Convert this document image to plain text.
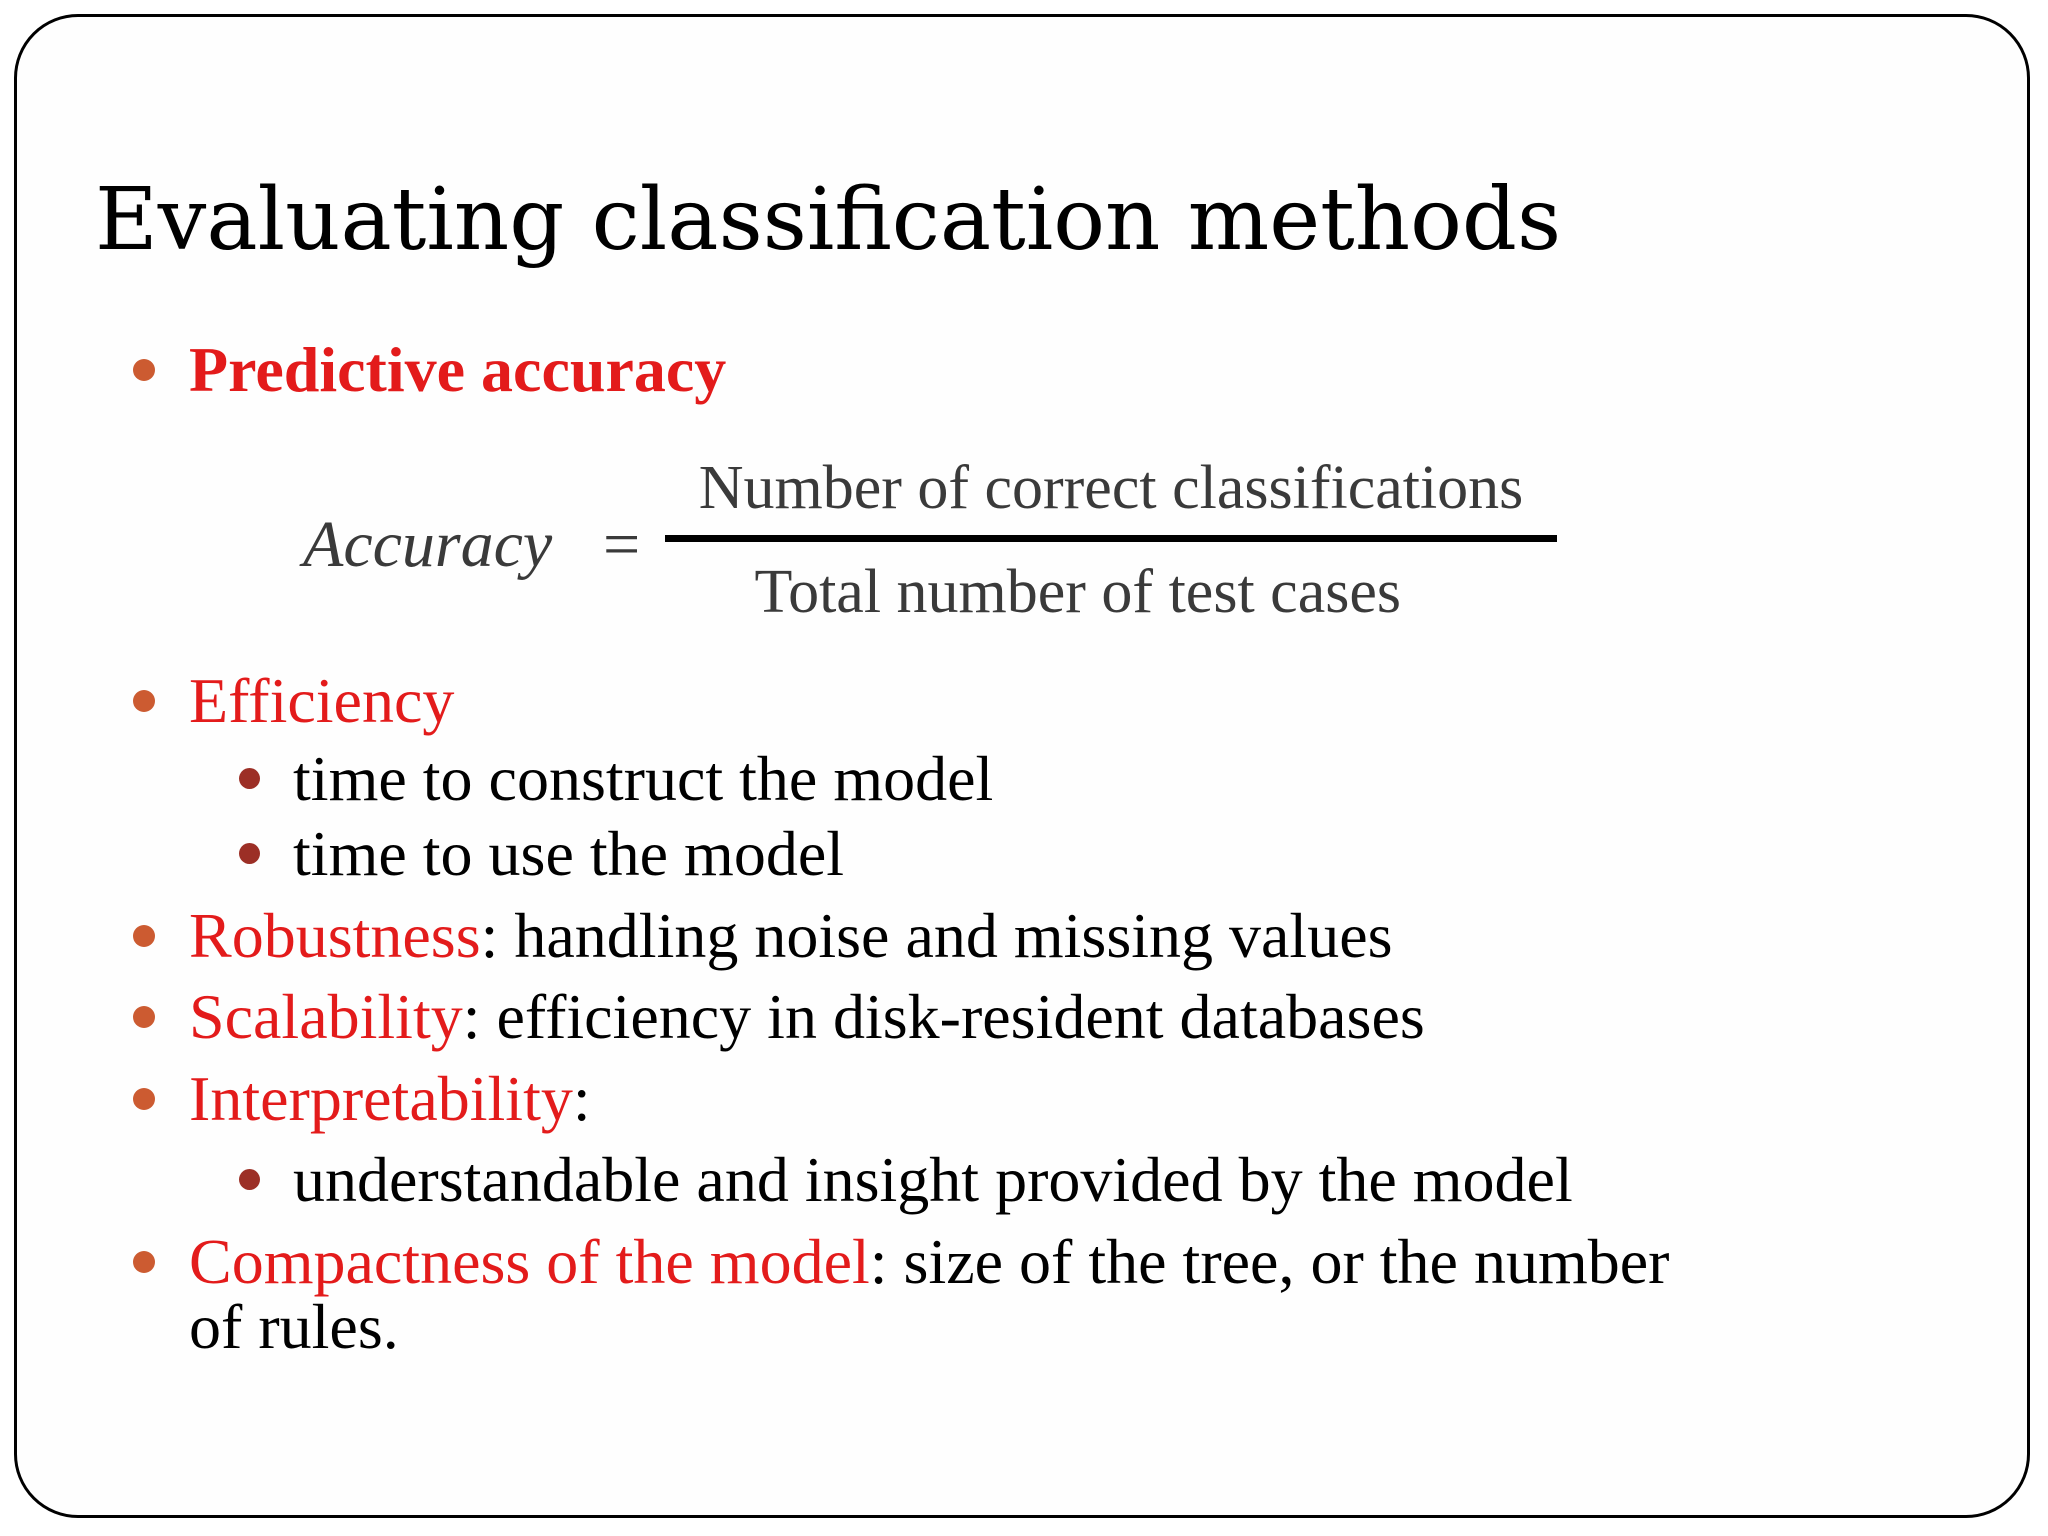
Evaluating classification methods
Predictive accuracy
Accuracy =
Number of correct classifications
Total number of test cases
Efficiency
time to construct the model
time to use the model
Robustness: handling noise and missing values
Scalability: efficiency in disk-resident databases
Interpretability:
understandable and insight provided by the model
Compactness of the model: size of the tree, or the number
of rules.
